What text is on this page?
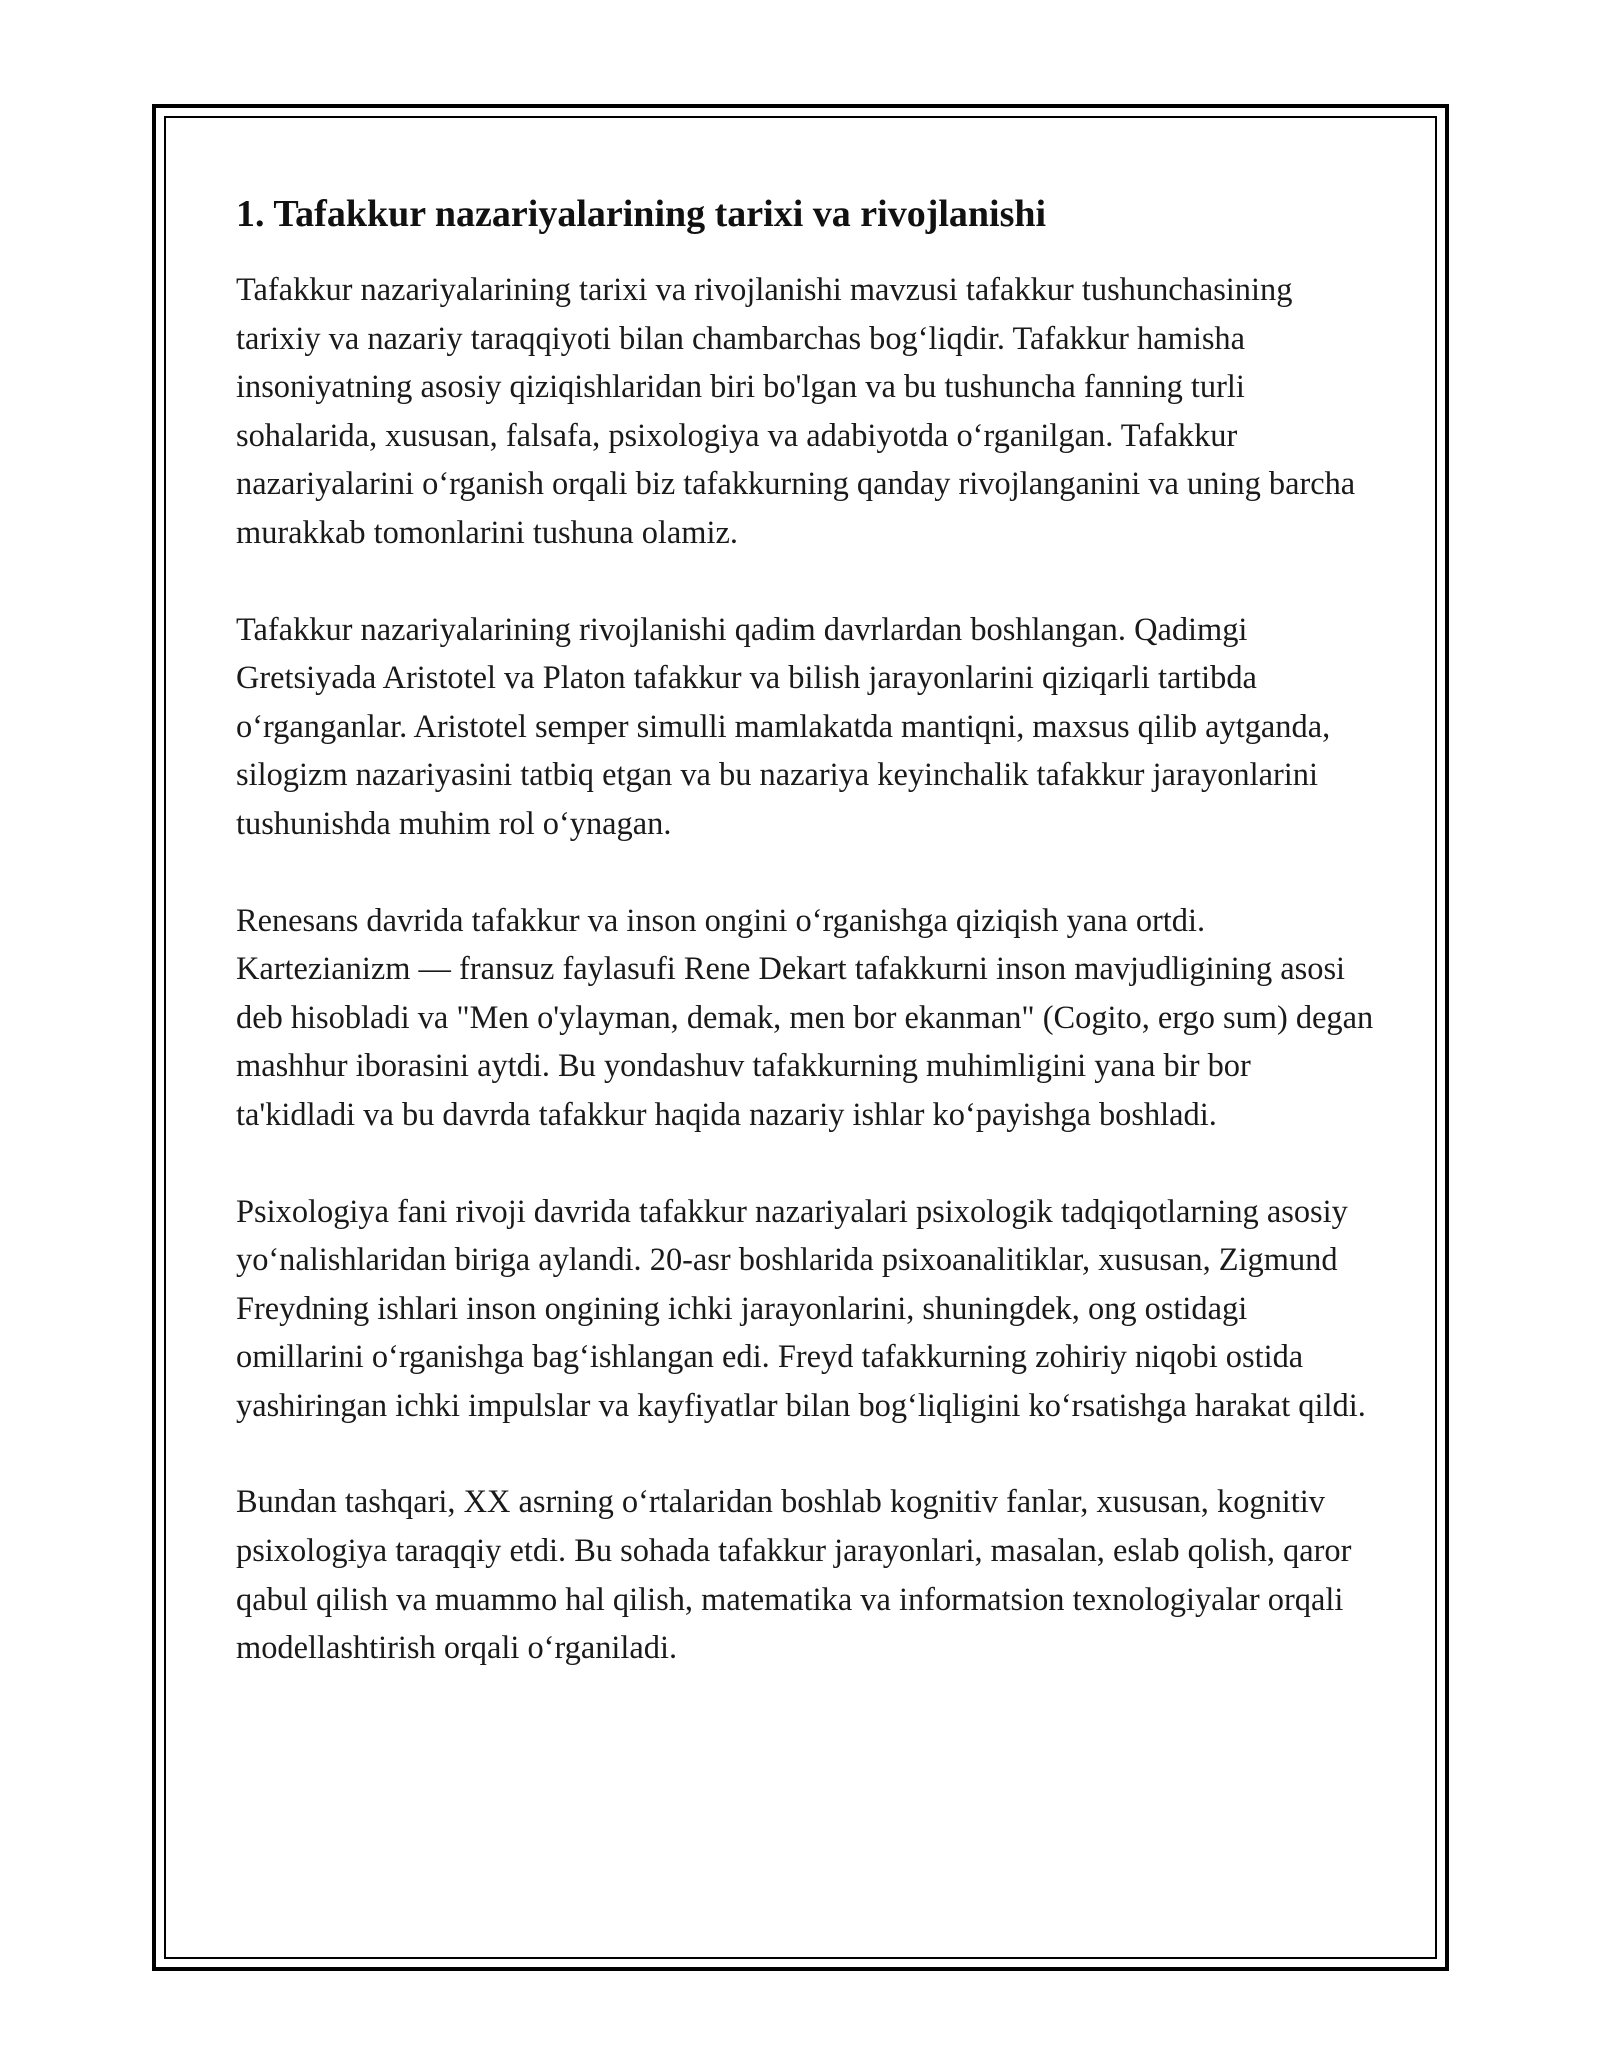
1. Tafakkur nazariyalarining tarixi va rivojlanishi

Tafakkur nazariyalarining tarixi va rivojlanishi mavzusi tafakkur tushunchasining tarixiy va nazariy taraqqiyoti bilan chambarchas bogʻliqdir. Tafakkur hamisha insoniyatning asosiy qiziqishlaridan biri bo'lgan va bu tushuncha fanning turli sohalarida, xususan, falsafa, psixologiya va adabiyotda oʻrganilgan. Tafakkur nazariyalarini oʻrganish orqali biz tafakkurning qanday rivojlanganini va uning barcha murakkab tomonlarini tushuna olamiz.

Tafakkur nazariyalarining rivojlanishi qadim davrlardan boshlangan. Qadimgi Gretsiyada Aristotel va Platon tafakkur va bilish jarayonlarini qiziqarli tartibda oʻrganganlar. Aristotel semper simulli mamlakatda mantiqni, maxsus qilib aytganda, silogizm nazariyasini tatbiq etgan va bu nazariya keyinchalik tafakkur jarayonlarini tushunishda muhim rol oʻynagan.

Renesans davrida tafakkur va inson ongini oʻrganishga qiziqish yana ortdi. Kartezianizm — fransuz faylasufi Rene Dekart tafakkurni inson mavjudligining asosi deb hisobladi va "Men o'ylayman, demak, men bor ekanman" (Cogito, ergo sum) degan mashhur iborasini aytdi. Bu yondashuv tafakkurning muhimligini yana bir bor ta'kidladi va bu davrda tafakkur haqida nazariy ishlar koʻpayishga boshladi.

Psixologiya fani rivoji davrida tafakkur nazariyalari psixologik tadqiqotlarning asosiy yoʻnalishlaridan biriga aylandi. 20-asr boshlarida psixoanalitiklar, xususan, Zigmund Freydning ishlari inson ongining ichki jarayonlarini, shuningdek, ong ostidagi omillarini oʻrganishga bagʻishlangan edi. Freyd tafakkurning zohiriy niqobi ostida yashiringan ichki impulslar va kayfiyatlar bilan bogʻliqligini koʻrsatishga harakat qildi.

Bundan tashqari, XX asrning oʻrtalaridan boshlab kognitiv fanlar, xususan, kognitiv psixologiya taraqqiy etdi. Bu sohada tafakkur jarayonlari, masalan, eslab qolish, qaror qabul qilish va muammo hal qilish, matematika va informatsion texnologiyalar orqali modellashtirish orqali oʻrganiladi.
